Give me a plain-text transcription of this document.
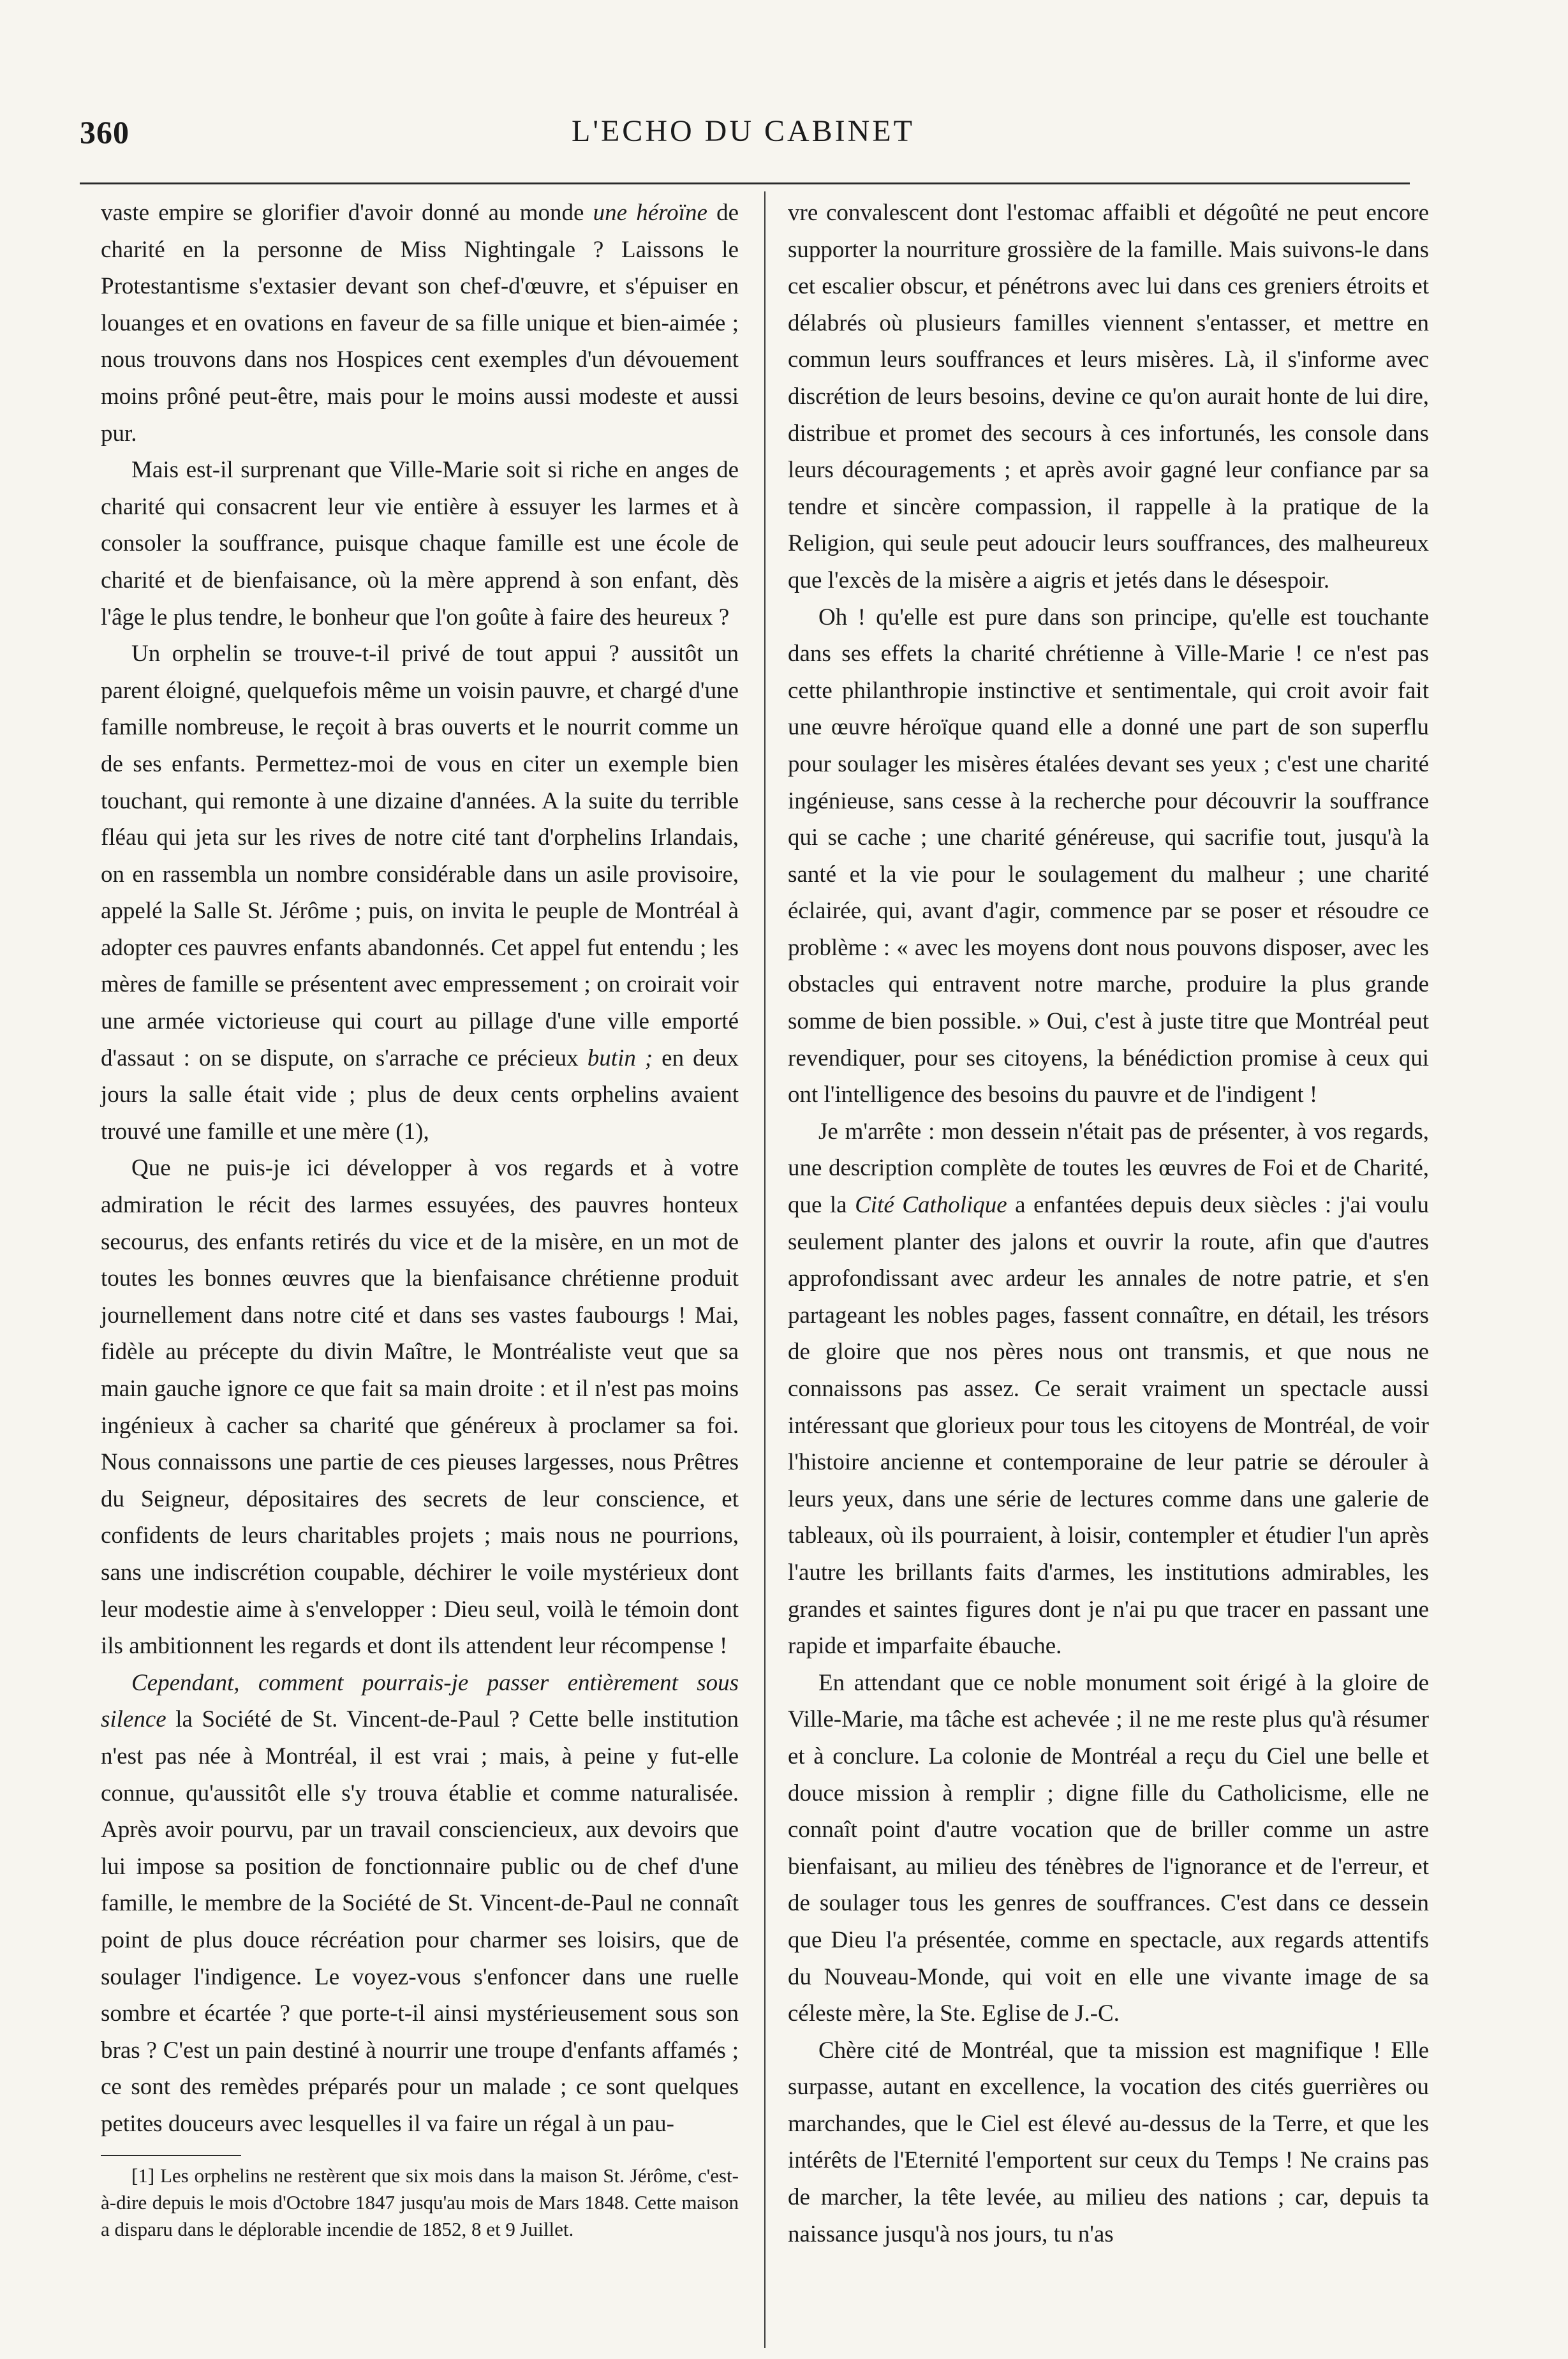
360	L'ECHO DU CABINET

vaste empire se glorifier d'avoir donné au monde une héroïne de charité en la personne de Miss Nightingale ? Laissons le Protestantisme s'extasier devant son chef-d'œuvre, et s'épuiser en louanges et en ovations en faveur de sa fille unique et bien-aimée ; nous trouvons dans nos Hospices cent exemples d'un dévouement moins prôné peut-être, mais pour le moins aussi modeste et aussi pur.

Mais est-il surprenant que Ville-Marie soit si riche en anges de charité qui consacrent leur vie entière à essuyer les larmes et à consoler la souffrance, puisque chaque famille est une école de charité et de bienfaisance, où la mère apprend à son enfant, dès l'âge le plus tendre, le bonheur que l'on goûte à faire des heureux ?

Un orphelin se trouve-t-il privé de tout appui ? aussitôt un parent éloigné, quelquefois même un voisin pauvre, et chargé d'une famille nombreuse, le reçoit à bras ouverts et le nourrit comme un de ses enfants. Permettez-moi de vous en citer un exemple bien touchant, qui remonte à une dizaine d'années. A la suite du terrible fléau qui jeta sur les rives de notre cité tant d'orphelins Irlandais, on en rassembla un nombre considérable dans un asile provisoire, appelé la Salle St. Jérôme ; puis, on invita le peuple de Montréal à adopter ces pauvres enfants abandonnés. Cet appel fut entendu ; les mères de famille se présentent avec empressement ; on croirait voir une armée victorieuse qui court au pillage d'une ville emporté d'assaut : on se dispute, on s'arrache ce précieux butin ; en deux jours la salle était vide ; plus de deux cents orphelins avaient trouvé une famille et une mère (1),

Que ne puis-je ici développer à vos regards et à votre admiration le récit des larmes essuyées, des pauvres honteux secourus, des enfants retirés du vice et de la misère, en un mot de toutes les bonnes œuvres que la bienfaisance chrétienne produit journellement dans notre cité et dans ses vastes faubourgs ! Mai, fidèle au précepte du divin Maître, le Montréaliste veut que sa main gauche ignore ce que fait sa main droite : et il n'est pas moins ingénieux à cacher sa charité que généreux à proclamer sa foi. Nous connaissons une partie de ces pieuses largesses, nous Prêtres du Seigneur, dépositaires des secrets de leur conscience, et confidents de leurs charitables projets ; mais nous ne pourrions, sans une indiscrétion coupable, déchirer le voile mystérieux dont leur modestie aime à s'envelopper : Dieu seul, voilà le témoin dont ils ambitionnent les regards et dont ils attendent leur récompense !

Cependant, comment pourrais-je passer entièrement sous silence la Société de St. Vincent-de-Paul ? Cette belle institution n'est pas née à Montréal, il est vrai ; mais, à peine y fut-elle connue, qu'aussitôt elle s'y trouva établie et comme naturalisée. Après avoir pourvu, par un travail consciencieux, aux devoirs que lui impose sa position de fonctionnaire public ou de chef d'une famille, le membre de la Société de St. Vincent-de-Paul ne connaît point de plus douce récréation pour charmer ses loisirs, que de soulager l'indigence. Le voyez-vous s'enfoncer dans une ruelle sombre et écartée ? que porte-t-il ainsi mystérieusement sous son bras ? C'est un pain destiné à nourrir une troupe d'enfants affamés ; ce sont des remèdes préparés pour un malade ; ce sont quelques petites douceurs avec lesquelles il va faire un régal à un pau-

[1] Les orphelins ne restèrent que six mois dans la maison St. Jérôme, c'est-à-dire depuis le mois d'Octobre 1847 jusqu'au mois de Mars 1848. Cette maison a disparu dans le déplorable incendie de 1852, 8 et 9 Juillet.

vre convalescent dont l'estomac affaibli et dégoûté ne peut encore supporter la nourriture grossière de la famille. Mais suivons-le dans cet escalier obscur, et pénétrons avec lui dans ces greniers étroits et délabrés où plusieurs familles viennent s'entasser, et mettre en commun leurs souffrances et leurs misères. Là, il s'informe avec discrétion de leurs besoins, devine ce qu'on aurait honte de lui dire, distribue et promet des secours à ces infortunés, les console dans leurs découragements ; et après avoir gagné leur confiance par sa tendre et sincère compassion, il rappelle à la pratique de la Religion, qui seule peut adoucir leurs souffrances, des malheureux que l'excès de la misère a aigris et jetés dans le désespoir.

Oh ! qu'elle est pure dans son principe, qu'elle est touchante dans ses effets la charité chrétienne à Ville-Marie ! ce n'est pas cette philanthropie instinctive et sentimentale, qui croit avoir fait une œuvre héroïque quand elle a donné une part de son superflu pour soulager les misères étalées devant ses yeux ; c'est une charité ingénieuse, sans cesse à la recherche pour découvrir la souffrance qui se cache ; une charité généreuse, qui sacrifie tout, jusqu'à la santé et la vie pour le soulagement du malheur ; une charité éclairée, qui, avant d'agir, commence par se poser et résoudre ce problème : « avec les moyens dont nous pouvons disposer, avec les obstacles qui entravent notre marche, produire la plus grande somme de bien possible. » Oui, c'est à juste titre que Montréal peut revendiquer, pour ses citoyens, la bénédiction promise à ceux qui ont l'intelligence des besoins du pauvre et de l'indigent !

Je m'arrête : mon dessein n'était pas de présenter, à vos regards, une description complète de toutes les œuvres de Foi et de Charité, que la Cité Catholique a enfantées depuis deux siècles : j'ai voulu seulement planter des jalons et ouvrir la route, afin que d'autres approfondissant avec ardeur les annales de notre patrie, et s'en partageant les nobles pages, fassent connaître, en détail, les trésors de gloire que nos pères nous ont transmis, et que nous ne connaissons pas assez. Ce serait vraiment un spectacle aussi intéressant que glorieux pour tous les citoyens de Montréal, de voir l'histoire ancienne et contemporaine de leur patrie se dérouler à leurs yeux, dans une série de lectures comme dans une galerie de tableaux, où ils pourraient, à loisir, contempler et étudier l'un après l'autre les brillants faits d'armes, les institutions admirables, les grandes et saintes figures dont je n'ai pu que tracer en passant une rapide et imparfaite ébauche.

En attendant que ce noble monument soit érigé à la gloire de Ville-Marie, ma tâche est achevée ; il ne me reste plus qu'à résumer et à conclure. La colonie de Montréal a reçu du Ciel une belle et douce mission à remplir ; digne fille du Catholicisme, elle ne connaît point d'autre vocation que de briller comme un astre bienfaisant, au milieu des ténèbres de l'ignorance et de l'erreur, et de soulager tous les genres de souffrances. C'est dans ce dessein que Dieu l'a présentée, comme en spectacle, aux regards attentifs du Nouveau-Monde, qui voit en elle une vivante image de sa céleste mère, la Ste. Eglise de J.-C.

Chère cité de Montréal, que ta mission est magnifique ! Elle surpasse, autant en excellence, la vocation des cités guerrières ou marchandes, que le Ciel est élevé au-dessus de la Terre, et que les intérêts de l'Eternité l'emportent sur ceux du Temps ! Ne crains pas de marcher, la tête levée, au milieu des nations ; car, depuis ta naissance jusqu'à nos jours, tu n'as
